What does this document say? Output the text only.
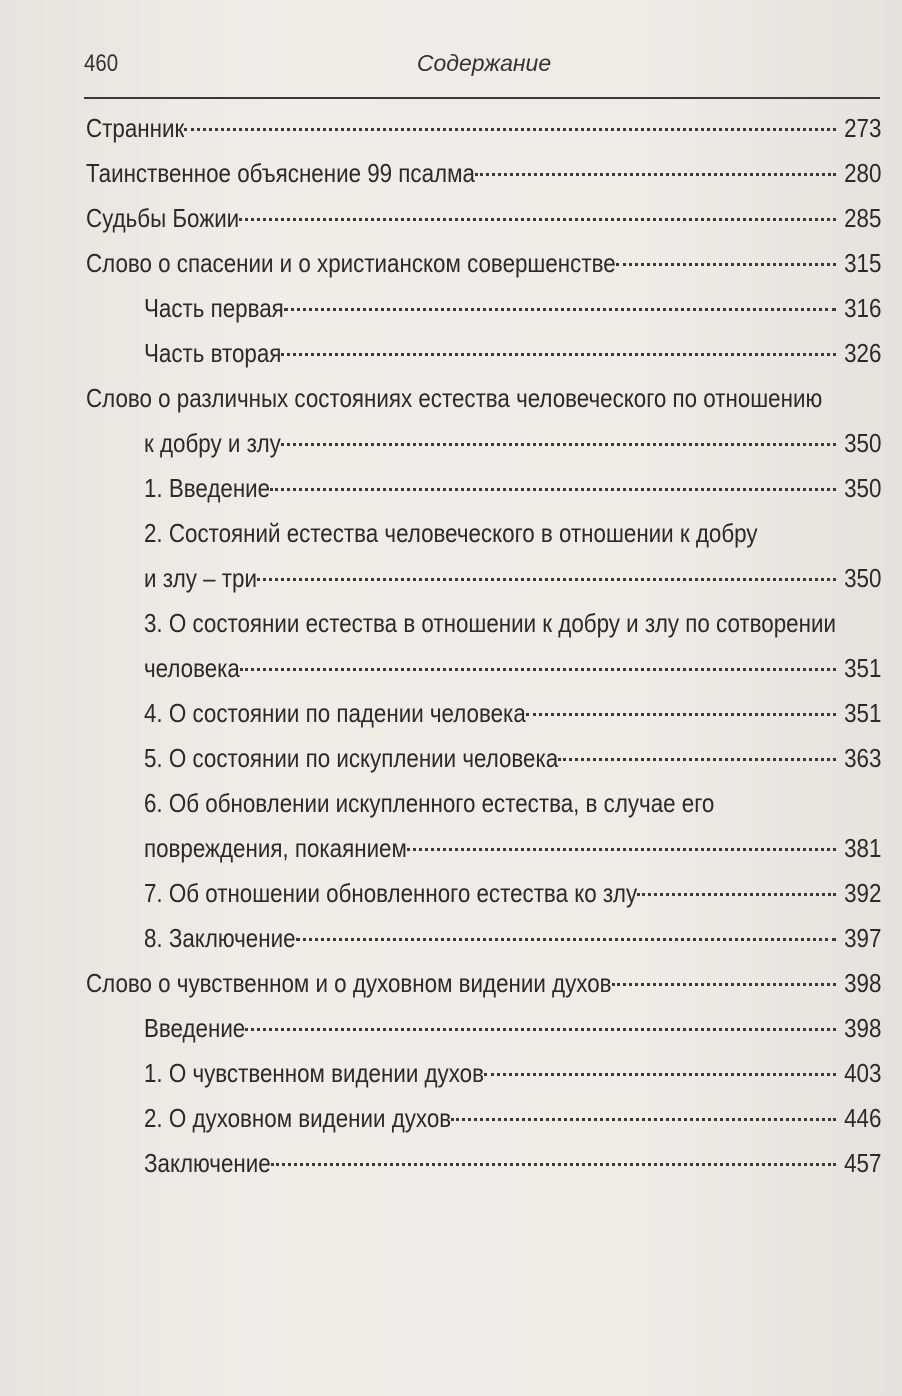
460	Содержание
Странник	273
Таинственное объяснение 99 псалма	280
Судьбы Божии	285
Слово о спасении и о христианском совершенстве	315
Часть первая	316
Часть вторая	326
Слово о различных состояниях естества человеческого по отношению
к добру и злу	350
1. Введение	350
2. Состояний естества человеческого в отношении к добру
и злу – три	350
3. О состоянии естества в отношении к добру и злу по сотворении
человека	351
4. О состоянии по падении человека	351
5. О состоянии по искуплении человека	363
6. Об обновлении искупленного естества, в случае его
повреждения, покаянием	381
7. Об отношении обновленного естества ко злу	392
8. Заключение	397
Слово о чувственном и о духовном видении духов	398
Введение	398
1. О чувственном видении духов	403
2. О духовном видении духов	446
Заключение	457
